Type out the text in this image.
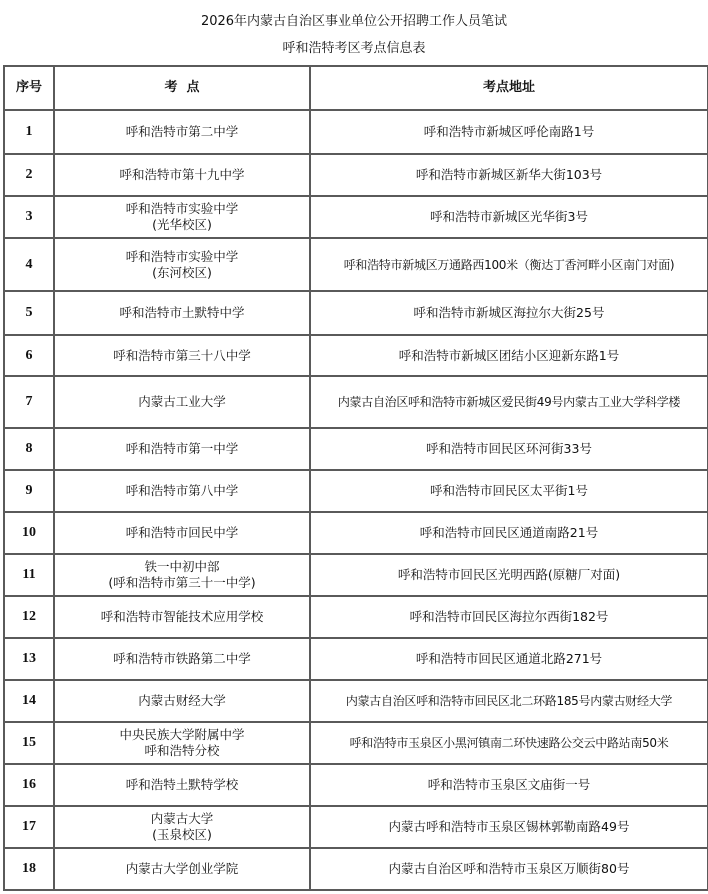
2026年内蒙古自治区事业单位公开招聘工作人员笔试
呼和浩特考区考点信息表
序号	考  点	考点地址
1	呼和浩特市第二中学	呼和浩特市新城区呼伦南路1号
2	呼和浩特市第十九中学	呼和浩特市新城区新华大街103号
3	呼和浩特市实验中学
(光华校区)	呼和浩特市新城区光华街3号
4	呼和浩特市实验中学
(东河校区)	呼和浩特市新城区万通路西100米（衡达丁香河畔小区南门对面)
5	呼和浩特市土默特中学	呼和浩特市新城区海拉尔大街25号
6	呼和浩特市第三十八中学	呼和浩特市新城区团结小区迎新东路1号
7	内蒙古工业大学	内蒙古自治区呼和浩特市新城区爱民街49号内蒙古工业大学科学楼
8	呼和浩特市第一中学	呼和浩特市回民区环河街33号
9	呼和浩特市第八中学	呼和浩特市回民区太平街1号
10	呼和浩特市回民中学	呼和浩特市回民区通道南路21号
11	铁一中初中部
(呼和浩特市第三十一中学)	呼和浩特市回民区光明西路(原糖厂对面)
12	呼和浩特市智能技术应用学校	呼和浩特市回民区海拉尔西街182号
13	呼和浩特市铁路第二中学	呼和浩特市回民区通道北路271号
14	内蒙古财经大学	内蒙古自治区呼和浩特市回民区北二环路185号内蒙古财经大学
15	中央民族大学附属中学
呼和浩特分校	呼和浩特市玉泉区小黑河镇南二环快速路公交云中路站南50米
16	呼和浩特土默特学校	呼和浩特市玉泉区文庙街一号
17	内蒙古大学
(玉泉校区)	内蒙古呼和浩特市玉泉区锡林郭勒南路49号
18	内蒙古大学创业学院	内蒙古自治区呼和浩特市玉泉区万顺街80号
